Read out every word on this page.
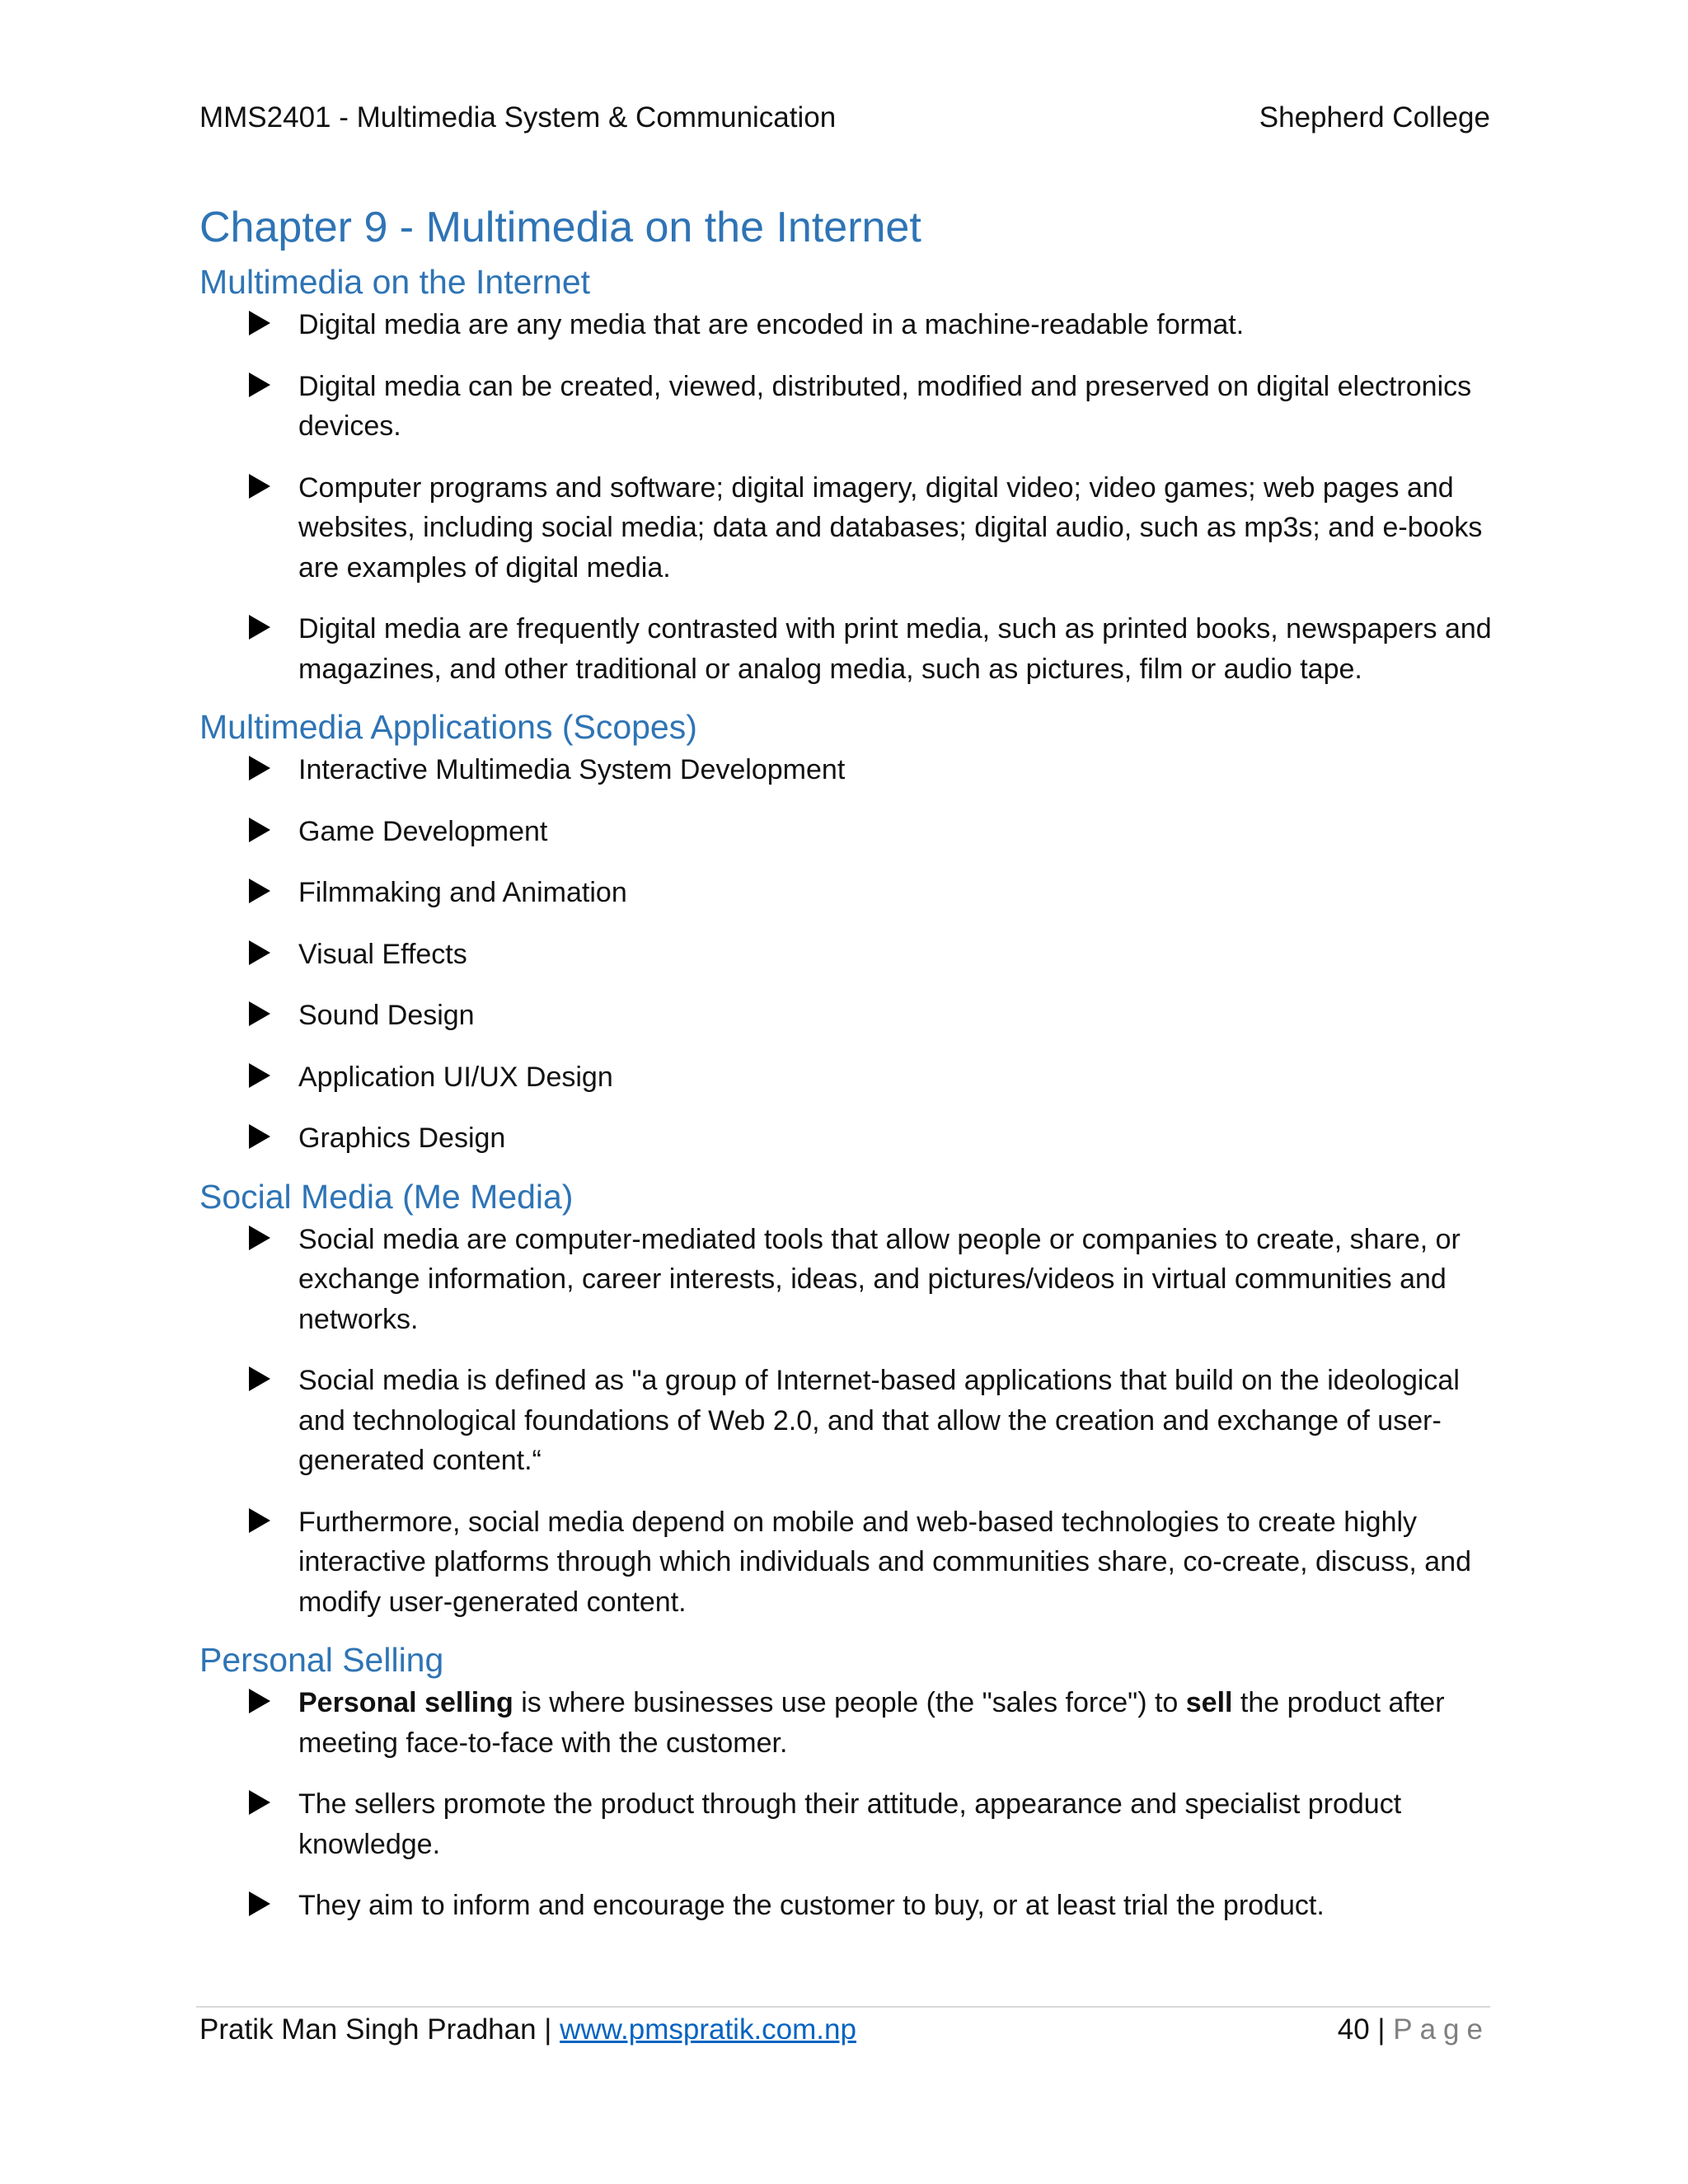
MMS2401 - Multimedia System & Communication	Shepherd College
Chapter 9 - Multimedia on the Internet
Multimedia on the Internet
Digital media are any media that are encoded in a machine-readable format.
Digital media can be created, viewed, distributed, modified and preserved on digital electronics devices.
Computer programs and software; digital imagery, digital video; video games; web pages and websites, including social media; data and databases; digital audio, such as mp3s; and e-books are examples of digital media.
Digital media are frequently contrasted with print media, such as printed books, newspapers and magazines, and other traditional or analog media, such as pictures, film or audio tape.
Multimedia Applications (Scopes)
Interactive Multimedia System Development
Game Development
Filmmaking and Animation
Visual Effects
Sound Design
Application UI/UX Design
Graphics Design
Social Media (Me Media)
Social media are computer-mediated tools that allow people or companies to create, share, or exchange information, career interests, ideas, and pictures/videos in virtual communities and networks.
Social media is defined as "a group of Internet-based applications that build on the ideological and technological foundations of Web 2.0, and that allow the creation and exchange of user-generated content.“
Furthermore, social media depend on mobile and web-based technologies to create highly interactive platforms through which individuals and communities share, co-create, discuss, and modify user-generated content.
Personal Selling
Personal selling is where businesses use people (the "sales force") to sell the product after meeting face-to-face with the customer.
The sellers promote the product through their attitude, appearance and specialist product knowledge.
They aim to inform and encourage the customer to buy, or at least trial the product.
Pratik Man Singh Pradhan | www.pmspratik.com.np	40 | Page
